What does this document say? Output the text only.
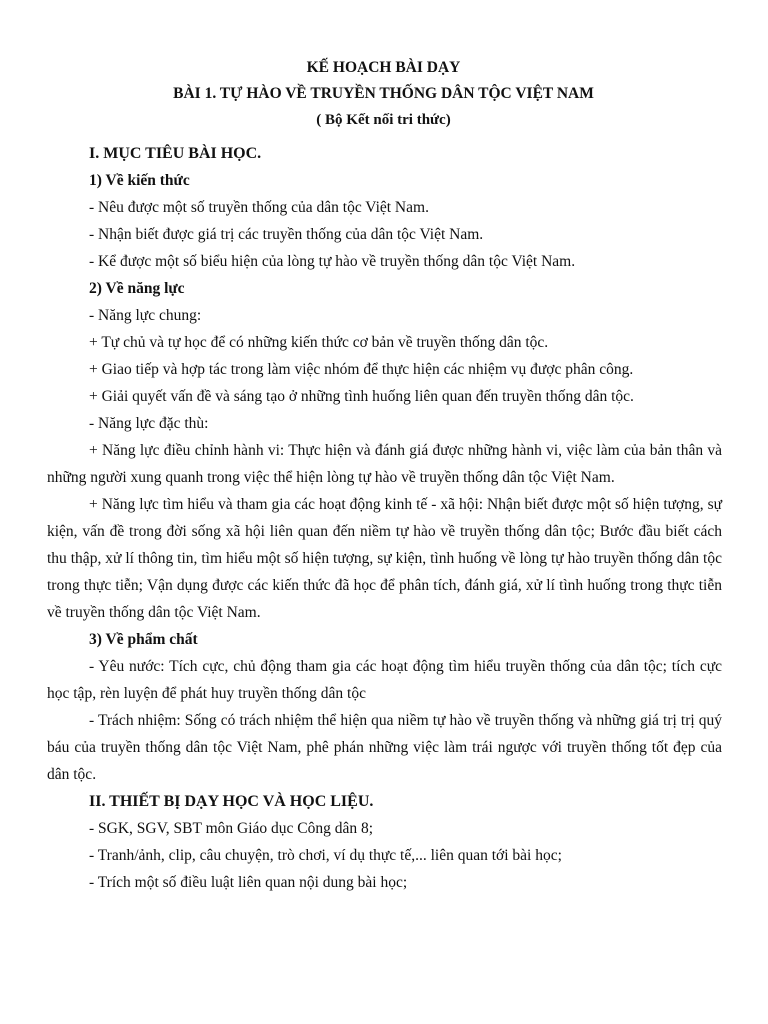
KẾ HOẠCH BÀI DẠY
BÀI 1. TỰ HÀO VỀ TRUYỀN THỐNG DÂN TỘC VIỆT NAM
( Bộ Kết nối tri thức)
I. MỤC TIÊU BÀI HỌC.
1) Về kiến thức
- Nêu được một số truyền thống của dân tộc Việt Nam.
- Nhận biết được giá trị các truyền thống của dân tộc Việt Nam.
- Kể được một số biểu hiện của lòng tự hào về truyền thống dân tộc Việt Nam.
2) Về năng lực
- Năng lực chung:
+ Tự chủ và tự học để có những kiến thức cơ bản về truyền thống dân tộc.
+ Giao tiếp và hợp tác trong làm việc nhóm để thực hiện các nhiệm vụ được phân công.
+ Giải quyết vấn đề và sáng tạo ở những tình huống liên quan đến truyền thống dân tộc.
- Năng lực đặc thù:

+ Năng lực điều chỉnh hành vi: Thực hiện và đánh giá được những hành vi, việc làm của bản thân và những người xung quanh trong việc thể hiện lòng tự hào về truyền thống dân tộc Việt Nam.

+ Năng lực tìm hiểu và tham gia các hoạt động kinh tế - xã hội: Nhận biết được một số hiện tượng, sự kiện, vấn đề trong đời sống xã hội liên quan đến niềm tự hào về truyền thống dân tộc; Bước đầu biết cách thu thập, xử lí thông tin, tìm hiểu một số hiện tượng, sự kiện, tình huống về lòng tự hào truyền thống dân tộc trong thực tiễn; Vận dụng được các kiến thức đã học để phân tích, đánh giá, xử lí tình huống trong thực tiễn về truyền thống dân tộc Việt Nam.

3) Về phẩm chất

- Yêu nước: Tích cực, chủ động tham gia các hoạt động tìm hiểu truyền thống của dân tộc; tích cực học tập, rèn luyện để phát huy truyền thống dân tộc

- Trách nhiệm: Sống có trách nhiệm thể hiện qua niềm tự hào về truyền thống và những giá trị trị quý báu của truyền thống dân tộc Việt Nam, phê phán những việc làm trái ngược với truyền thống tốt đẹp của dân tộc.

II. THIẾT BỊ DẠY HỌC VÀ HỌC LIỆU.
- SGK, SGV, SBT môn Giáo dục Công dân 8;
- Tranh/ảnh, clip, câu chuyện, trò chơi, ví dụ thực tế,... liên quan tới bài học;
- Trích một số điều luật liên quan nội dung bài học;
